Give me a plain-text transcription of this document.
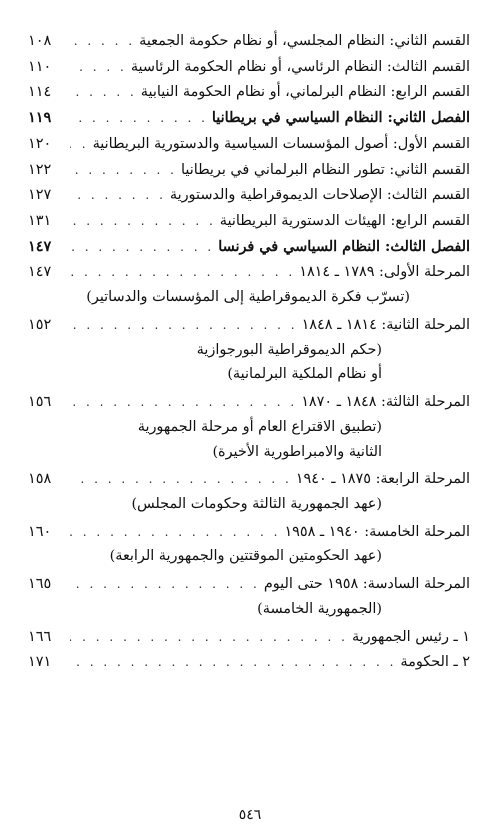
القسم الثاني: النظام المجلسي، أو نظام حكومة الجمعية
. . .
١٠٨
القسم الثالث: النظام الرئاسي، أو نظام الحكومة الرئاسية
. . .
١١٠
القسم الرابع: النظام البرلماني، أو نظام الحكومة النيابية
. . .
١١٤
الفصل الثاني: النظام السياسي في بريطانيا
. . .
١١٩
القسم الأول: أصول المؤسسات السياسية والدستورية البريطانية
. . .
١٢٠
القسم الثاني: تطور النظام البرلماني في بريطانيا
. . .
١٢٢
القسم الثالث: الإصلاحات الديموقراطية والدستورية
. . .
١٢٧
القسم الرابع: الهيئات الدستورية البريطانية
. . .
١٣١
الفصل الثالث: النظام السياسي في فرنسا
. . .
١٤٧
المرحلة الأولى: ١٧٨٩ ـ ١٨١٤
. . .
١٤٧
(تسرّب فكرة الديموقراطية إلى المؤسسات والدساتير)
المرحلة الثانية: ١٨١٤ ـ ١٨٤٨
. . .
١٥٢
(حكم الديموقراطية البورجوازية
أو نظام الملكية البرلمانية)
المرحلة الثالثة: ١٨٤٨ ـ ١٨٧٠
. . .
١٥٦
(تطبيق الاقتراع العام أو مرحلة الجمهورية
الثانية والامبراطورية الأخيرة)
المرحلة الرابعة: ١٨٧٥ ـ ١٩٤٠
. . .
١٥٨
(عهد الجمهورية الثالثة وحكومات المجلس)
المرحلة الخامسة: ١٩٤٠ ـ ١٩٥٨
. . .
١٦٠
(عهد الحكومتين الموقتتين والجمهورية الرابعة)
المرحلة السادسة: ١٩٥٨ حتى اليوم
. . .
١٦٥
(الجمهورية الخامسة)
١ ـ رئيس الجمهورية
. . .
١٦٦
٢ ـ الحكومة
. . .
١٧١
٥٤٦
